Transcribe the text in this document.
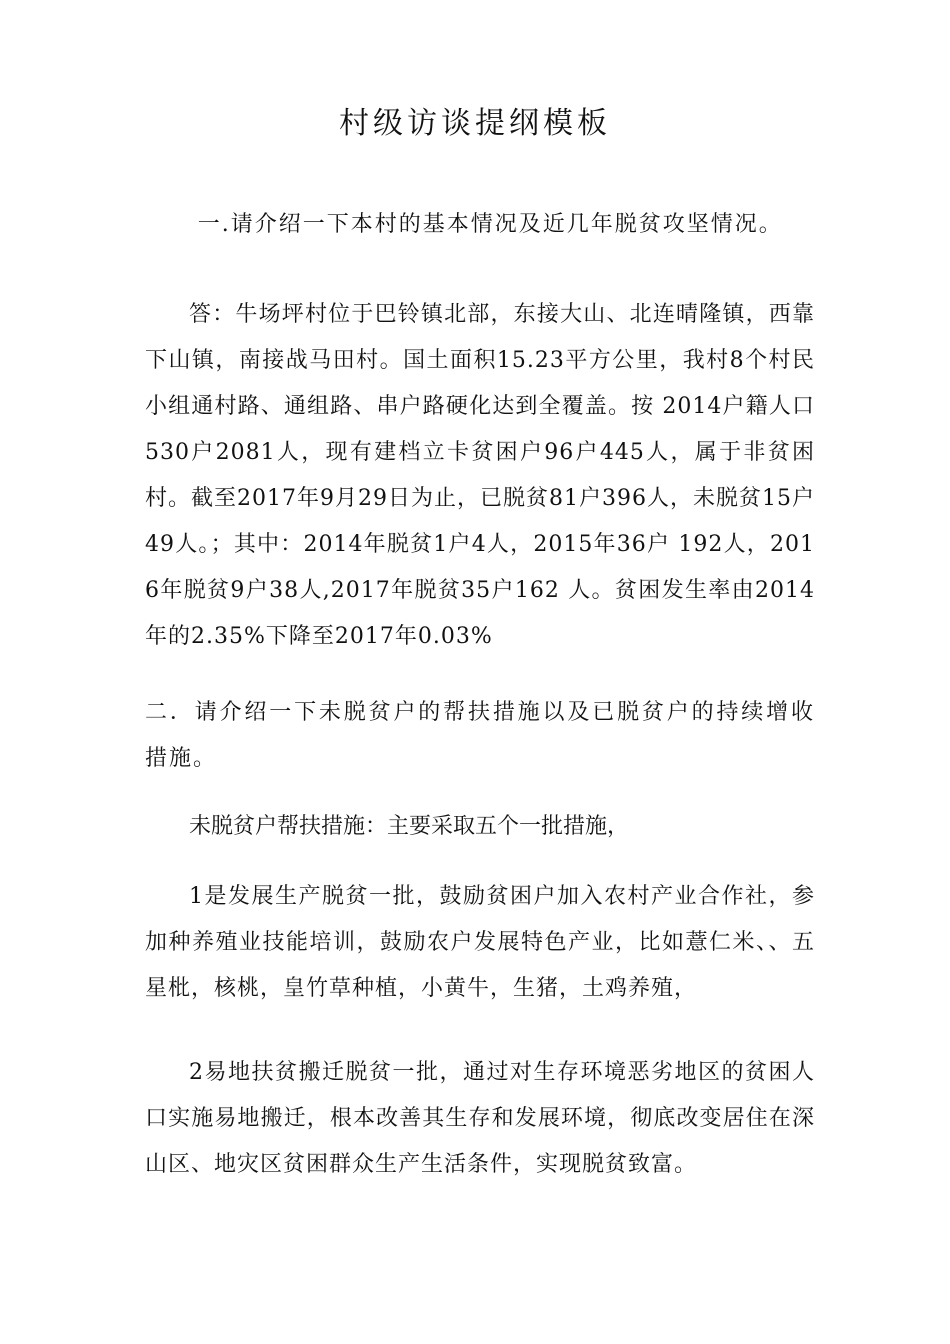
村级访谈提纲模板
一.请介绍一下本村的基本情况及近几年脱贫攻坚情况。
答：牛场坪村位于巴铃镇北部，东接大山、北连晴隆镇，西靠下山镇，南接战马田村。国土面积15.23平方公里，我村8个村民小组通村路、通组路、串户路硬化达到全覆盖。按 2014户籍人口530户2081人，现有建档立卡贫困户96户445人，属于非贫困村。截至2017年9月29日为止，已脱贫81户396人，未脱贫15户49人。；其中：2014年脱贫1户4人，2015年36户 192人，2016年脱贫9户38人,2017年脱贫35户162 人。贫困发生率由2014年的2.35%下降至2017年0.03%
二．请介绍一下未脱贫户的帮扶措施以及已脱贫户的持续增收措施。
未脱贫户帮扶措施：主要采取五个一批措施，
1是发展生产脱贫一批，鼓励贫困户加入农村产业合作社，参加种养殖业技能培训，鼓励农户发展特色产业，比如薏仁米、、五星枇，核桃，皇竹草种植，小黄牛，生猪，土鸡养殖，
2易地扶贫搬迁脱贫一批，通过对生存环境恶劣地区的贫困人口实施易地搬迁，根本改善其生存和发展环境，彻底改变居住在深山区、地灾区贫困群众生产生活条件，实现脱贫致富。
